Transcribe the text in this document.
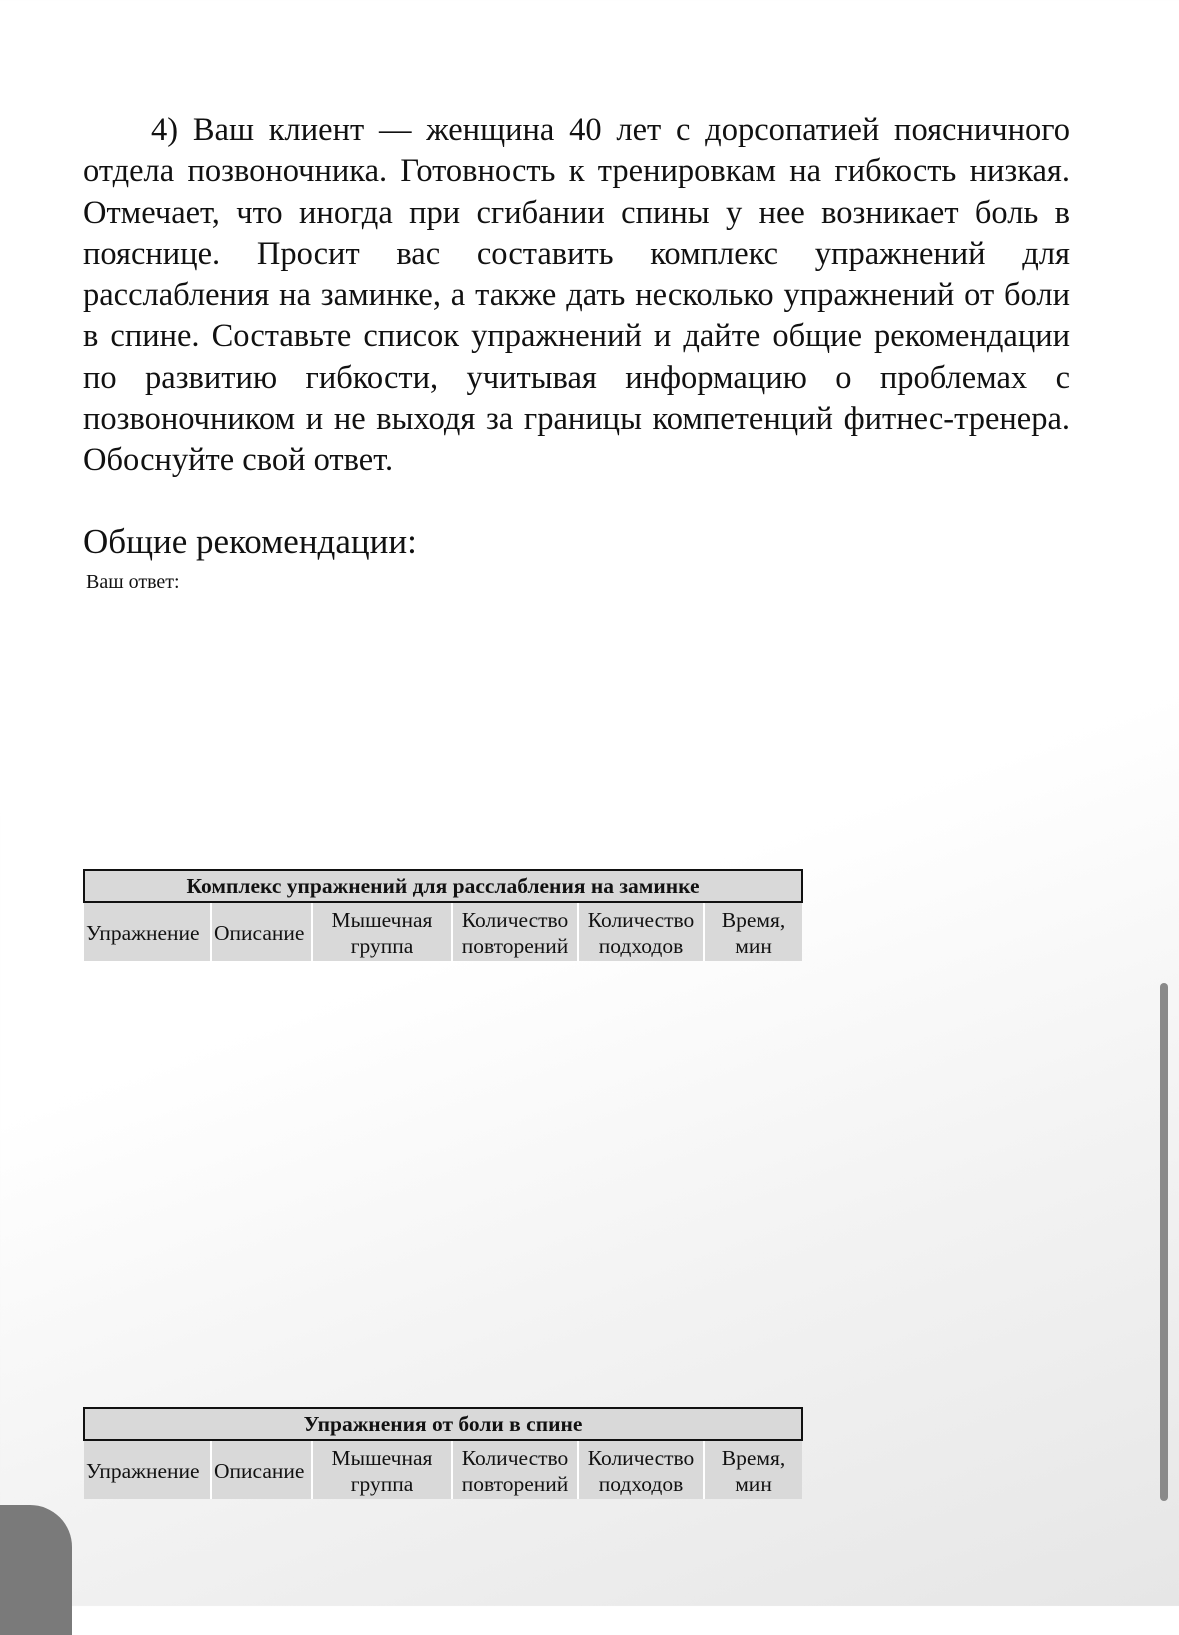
4) Ваш клиент — женщина 40 лет с дорсопатией поясничного отдела позвоночника. Готовность к тренировкам на гибкость низкая. Отмечает, что иногда при сгибании спины у нее возникает боль в пояснице. Просит вас составить комплекс упражнений для расслабления на заминке, а также дать несколько упражнений от боли в спине. Составьте список упражнений и дайте общие рекомендации по развитию гибкости, учитывая информацию о проблемах с позвоночником и не выходя за границы компетенций фитнес-тренера. Обоснуйте свой ответ.

Общие рекомендации:

Ваш ответ:

Комплекс упражнений для расслабления на заминке
Упражнение	Описание	Мышечная группа	Количество повторений	Количество подходов	Время, мин
Упражнения от боли в спине
Упражнение	Описание	Мышечная группа	Количество повторений	Количество подходов	Время, мин
